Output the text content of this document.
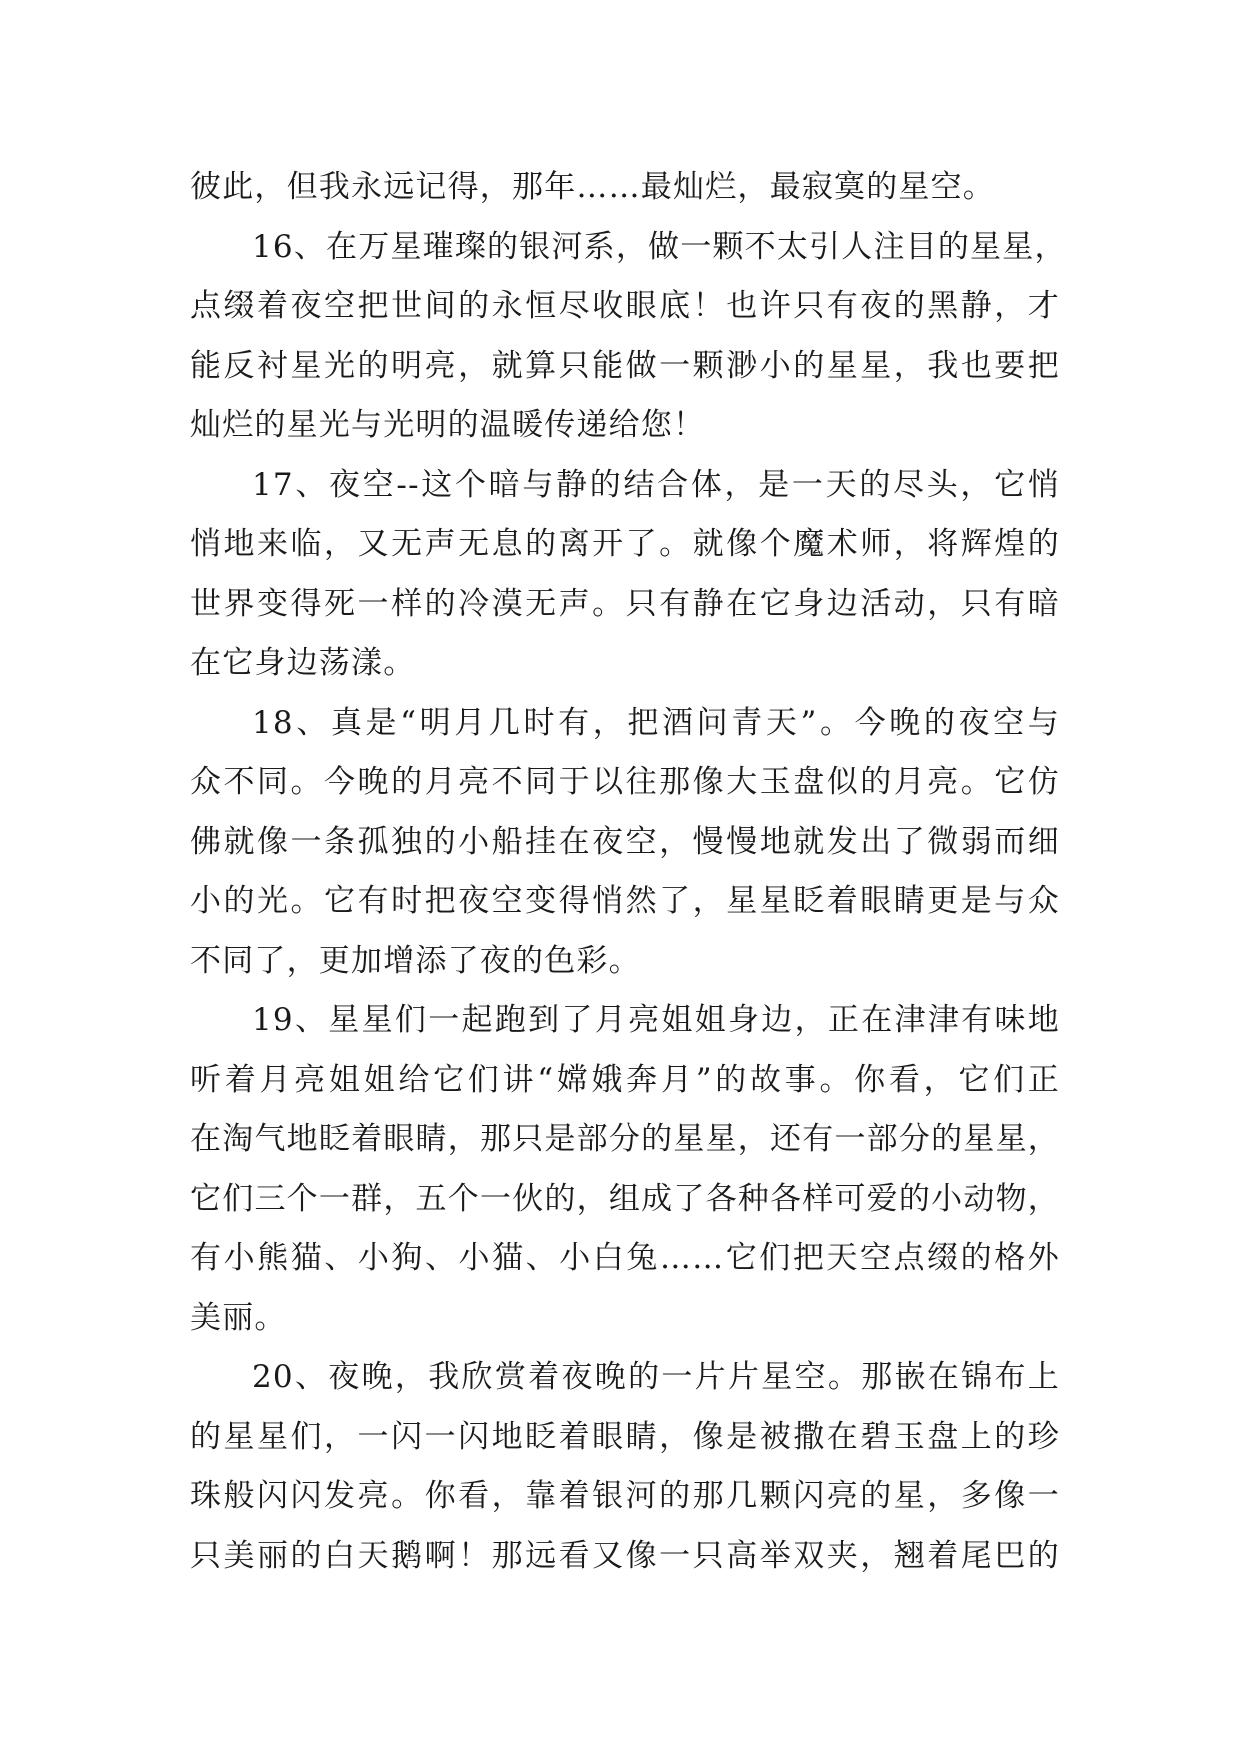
彼此，但我永远记得，那年……最灿烂，最寂寞的星空。
16、在万星璀璨的银河系，做一颗不太引人注目的星星，
点缀着夜空把世间的永恒尽收眼底！也许只有夜的黑静，才
能反衬星光的明亮，就算只能做一颗渺小的星星，我也要把
灿烂的星光与光明的温暖传递给您！
17、夜空--这个暗与静的结合体，是一天的尽头，它悄
悄地来临，又无声无息的离开了。就像个魔术师，将辉煌的
世界变得死一样的冷漠无声。只有静在它身边活动，只有暗
在它身边荡漾。
18、真是“明月几时有，把酒问青天”。今晚的夜空与
众不同。今晚的月亮不同于以往那像大玉盘似的月亮。它仿
佛就像一条孤独的小船挂在夜空，慢慢地就发出了微弱而细
小的光。它有时把夜空变得悄然了，星星眨着眼睛更是与众
不同了，更加增添了夜的色彩。
19、星星们一起跑到了月亮姐姐身边，正在津津有味地
听着月亮姐姐给它们讲“嫦娥奔月”的故事。你看，它们正
在淘气地眨着眼睛，那只是部分的星星，还有一部分的星星，
它们三个一群，五个一伙的，组成了各种各样可爱的小动物，
有小熊猫、小狗、小猫、小白兔……它们把天空点缀的格外
美丽。
20、夜晚，我欣赏着夜晚的一片片星空。那嵌在锦布上
的星星们，一闪一闪地眨着眼睛，像是被撒在碧玉盘上的珍
珠般闪闪发亮。你看，靠着银河的那几颗闪亮的星，多像一
只美丽的白天鹅啊！那远看又像一只高举双夹，翘着尾巴的
